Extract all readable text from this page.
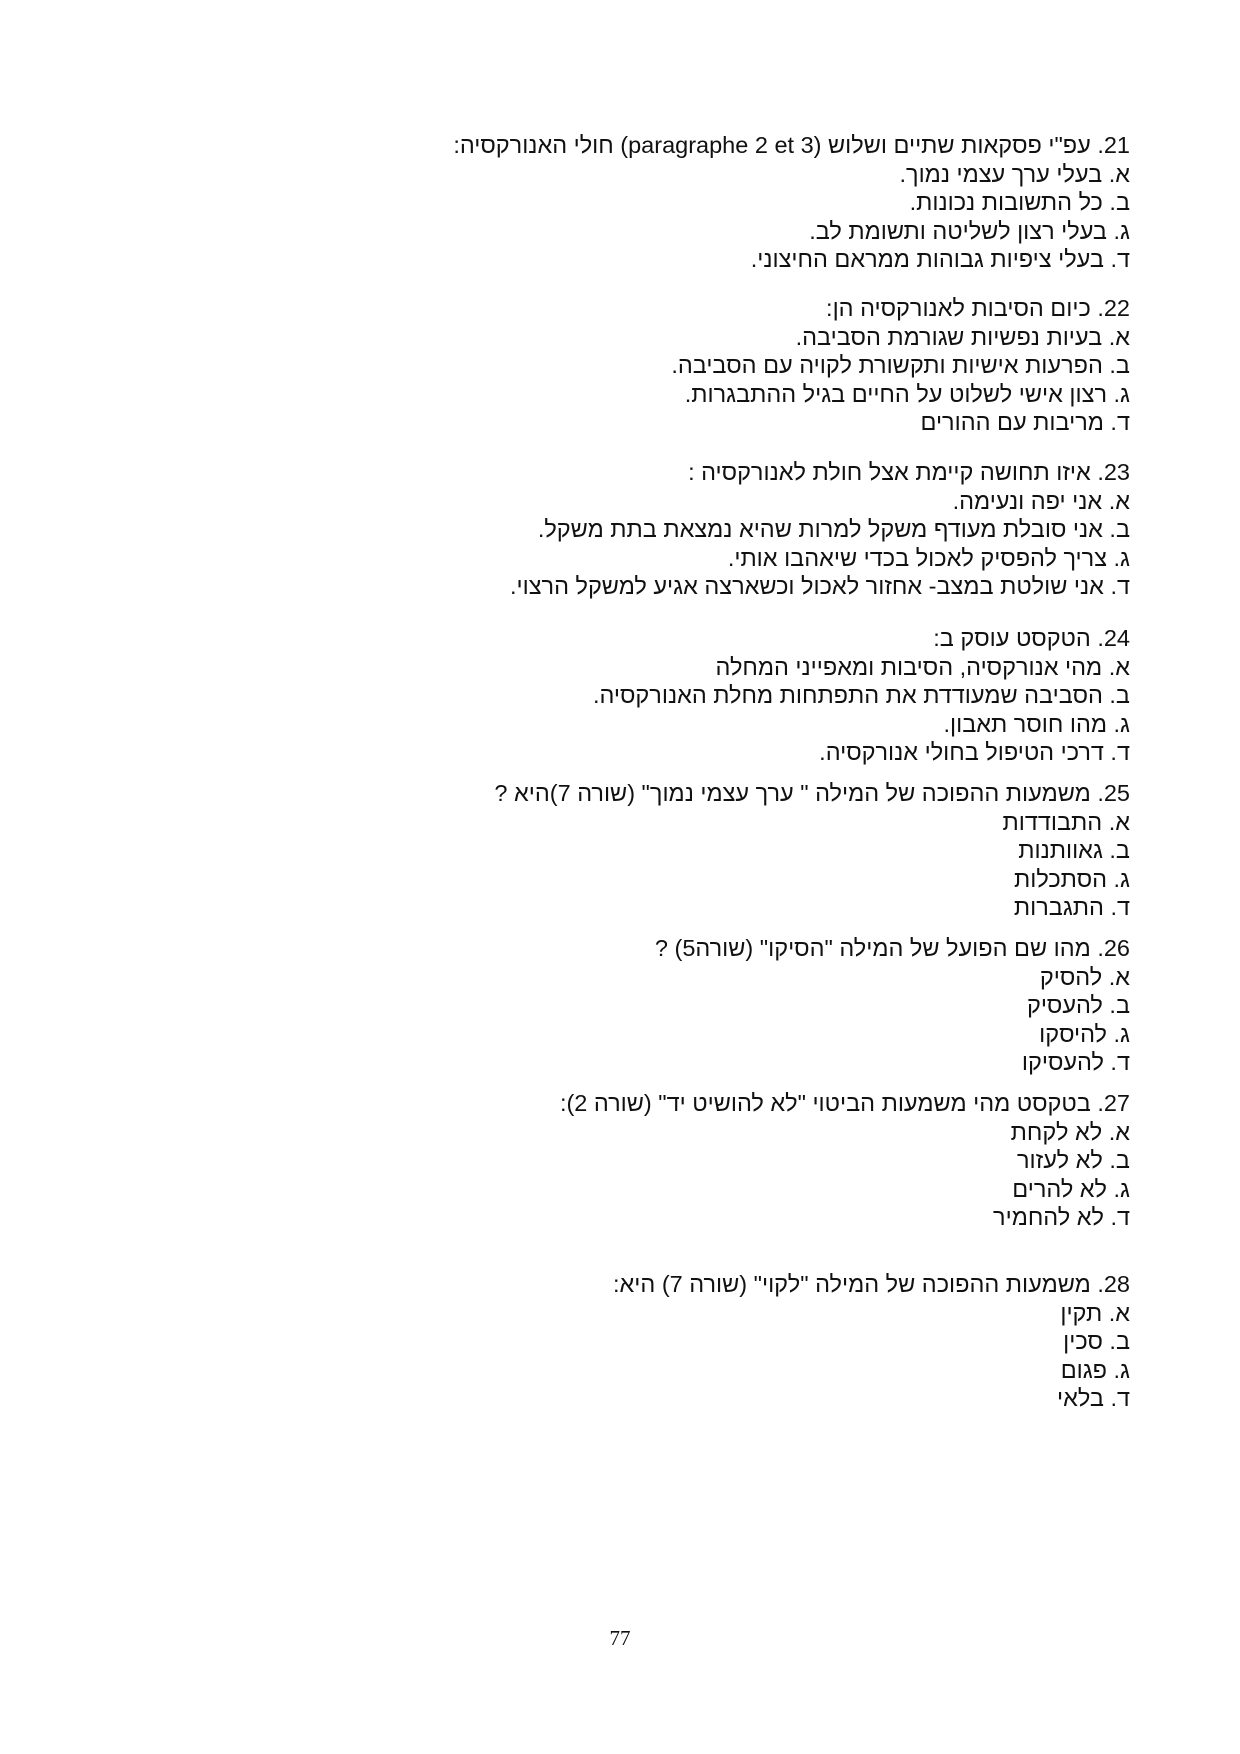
21. עפ"י פסקאות שתיים ושלוש (paragraphe 2 et 3) חולי האנורקסיה:
א. בעלי ערך עצמי נמוך.
ב. כל התשובות נכונות.
ג. בעלי רצון לשליטה ותשומת לב.
ד. בעלי ציפיות גבוהות ממראם החיצוני.
22. כיום הסיבות לאנורקסיה הן:
א. בעיות נפשיות שגורמת הסביבה.
ב. הפרעות אישיות ותקשורת לקויה עם הסביבה.
ג. רצון אישי לשלוט על החיים בגיל ההתבגרות.
ד. מריבות עם ההורים
23. איזו תחושה קיימת אצל חולת לאנורקסיה :
א. אני יפה ונעימה.
ב. אני סובלת מעודף משקל למרות שהיא נמצאת בתת משקל.
ג. צריך להפסיק לאכול בכדי שיאהבו אותי.
ד. אני שולטת במצב- אחזור לאכול וכשארצה אגיע למשקל הרצוי.
24. הטקסט עוסק ב:
א. מהי אנורקסיה, הסיבות ומאפייני המחלה
ב. הסביבה שמעודדת את התפתחות מחלת האנורקסיה.
ג. מהו חוסר תאבון.
ד. דרכי הטיפול בחולי אנורקסיה.
25. משמעות ההפוכה של המילה " ערך עצמי נמוך" (שורה 7)היא ?
א. התבודדות
ב. גאוותנות
ג. הסתכלות
ד. התגברות
26. מהו שם הפועל של המילה "הסיקו" (שורה5) ?
א. להסיק
ב. להעסיק
ג. להיסקו
ד. להעסיקו
27. בטקסט מהי משמעות הביטוי "לא להושיט יד" (שורה 2):
א. לא לקחת
ב. לא לעזור
ג. לא להרים
ד. לא להחמיר
28. משמעות ההפוכה של המילה "לקוי" (שורה 7) היא:
א. תקין
ב. סכין
ג. פגום
ד. בלאי
77
